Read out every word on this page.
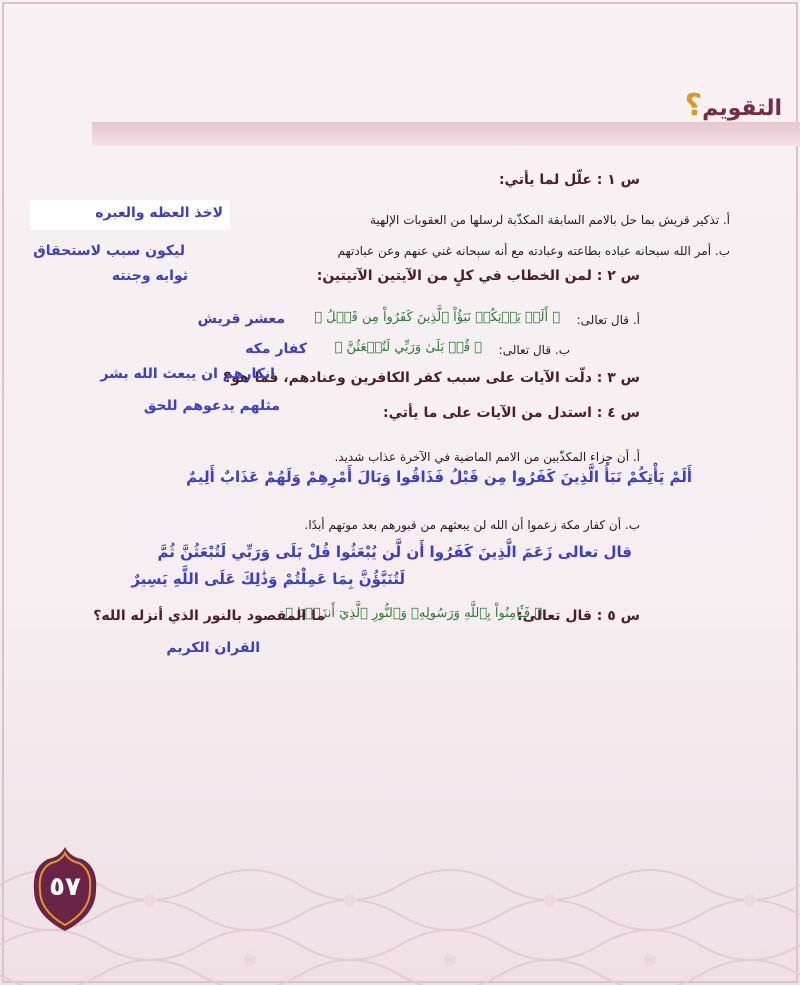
التقويم؟
س ١ : علّل لما يأتي:
أ. تذكير قريش بما حل بالامم السابقة المكذّبة لرسلها من العقوبات الإلهية
لاخذ العظه والعبره
ب. أمر الله سبحانه عباده بطاعته وعبادته مع أنه سبحانه غني عنهم وعن عبادتهم
ليكون سبب لاستحقاق
ثوابه وجنته	س ٢ : لمن الخطاب في كلٍ من الآيتين الآتيتين:
أ. قال تعالى:
﴿ أَلَمۡ يَأۡتِكُمۡ نَبَؤُاْ ٱلَّذِينَ كَفَرُواْ مِن قَبۡلُ ﴾
معشر قريش
ب. قال تعالى:
﴿ قُلۡ بَلَىٰ وَرَبِّي لَتُبۡعَثُنَّ ﴾
كفار مكه
س ٣ : دلّت الآيات على سبب كفر الكافرين وعنادهم، فما هو؟
انكارهم ان يبعث الله بشر
مثلهم يدعوهم للحق	س ٤ : استدل من الآيات على ما يأتي:
أ. أن جزاء المكذّبين من الامم الماضية في الآخرة عذاب شديد.
أَلَمْ يَأْتِكُمْ نَبَأُ الَّذِينَ كَفَرُوا مِن قَبْلُ فَذَاقُوا وَبَالَ أَمْرِهِمْ وَلَهُمْ عَذَابٌ أَلِيمٌ
ب. أن كفار مكة زعموا أن الله لن يبعثهم من قبورهم بعد موتهم أبدًا.
قال تعالى زَعَمَ الَّذِينَ كَفَرُوا أَن لَّن يُبْعَثُوا قُلْ بَلَى وَرَبِّي لَتُبْعَثُنَّ ثُمَّ
لَتُنَبَّؤُنَّ بِمَا عَمِلْتُمْ وَذَٰلِكَ عَلَى اللَّهِ يَسِيرٌ
س ٥ : قال تعالى:
﴿ فَـَٔامِنُواْ بِٱللَّهِ وَرَسُولِهِۦ وَٱلنُّورِ ٱلَّذِيٓ أَنزَلۡنَا ﴾
ما المقصود بالنور الذي أنزله الله؟
القران الكريم
٥٧
